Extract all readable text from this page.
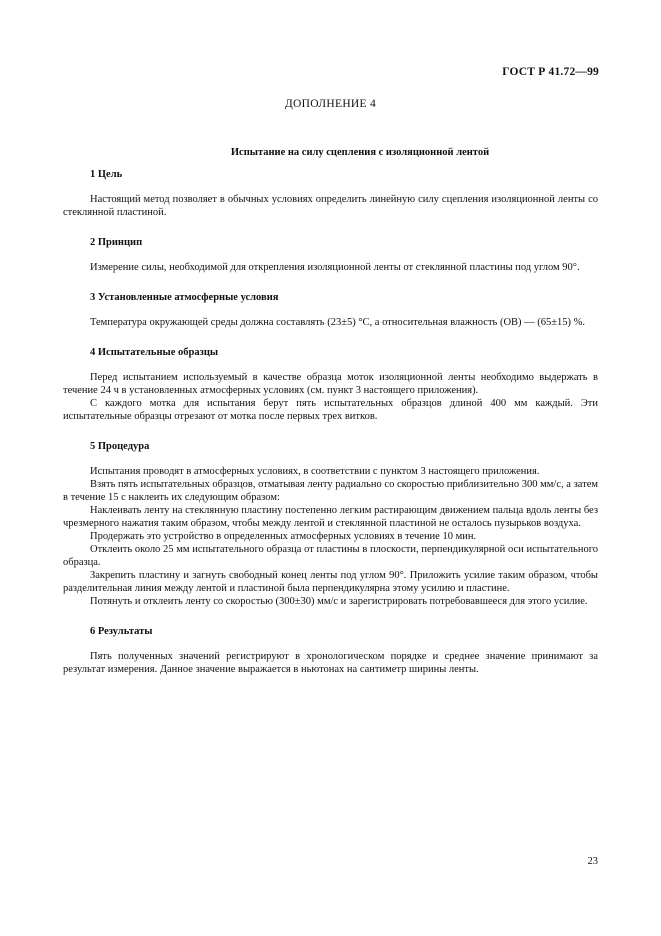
ГОСТ Р 41.72—99
ДОПОЛНЕНИЕ 4
Испытание на силу сцепления с изоляционной лентой

1 Цель

Настоящий метод позволяет в обычных условиях определить линейную силу сцепления изоляционной ленты со стеклянной пластиной.

2 Принцип

Измерение силы, необходимой для открепления изоляционной ленты от стеклянной пластины под углом 90°.

3 Установленные атмосферные условия

Температура окружающей среды должна составлять (23±5) °С, а относительная влажность (ОВ) — (65±15) %.

4 Испытательные образцы

Перед испытанием используемый в качестве образца моток изоляционной ленты необходимо выдержать в течение 24 ч в установленных атмосферных условиях (см. пункт 3 настоящего приложения).

С каждого мотка для испытания берут пять испытательных образцов длиной 400 мм каждый. Эти испытательные образцы отрезают от мотка после первых трех витков.

5 Процедура

Испытания проводят в атмосферных условиях, в соответствии с пунктом 3 настоящего приложения.

Взять пять испытательных образцов, отматывая ленту радиально со скоростью приблизительно 300 мм/с, а затем в течение 15 с наклеить их следующим образом:

Наклеивать ленту на стеклянную пластину постепенно легким растирающим движением пальца вдоль ленты без чрезмерного нажатия таким образом, чтобы между лентой и стеклянной пластиной не осталось пузырьков воздуха.

Продержать это устройство в определенных атмосферных условиях в течение 10 мин.

Отклеить около 25 мм испытательного образца от пластины в плоскости, перпендикулярной оси испытательного образца.

Закрепить пластину и загнуть свободный конец ленты под углом 90°. Приложить усилие таким образом, чтобы разделительная линия между лентой и пластиной была перпендикулярна этому усилию и пластине.

Потянуть и отклеить ленту со скоростью (300±30) мм/с и зарегистрировать потребовавшееся для этого усилие.

6 Результаты

Пять полученных значений регистрируют в хронологическом порядке и среднее значение принимают за результат измерения. Данное значение выражается в ньютонах на сантиметр ширины ленты.

23
